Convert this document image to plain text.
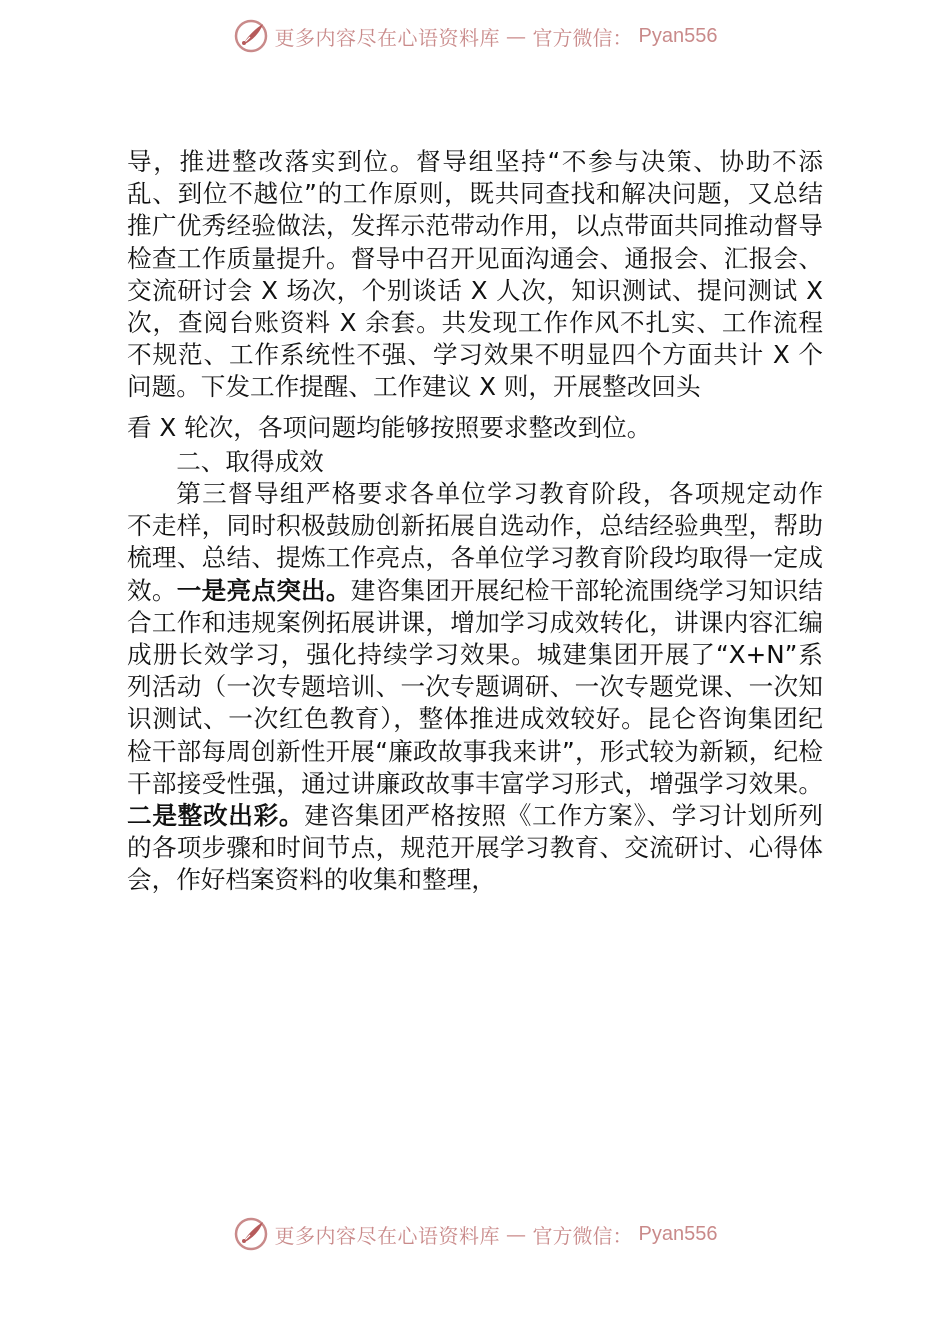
更多内容尽在心语资料库 — 官方微信： Pyan556

导，推进整改落实到位。督导组坚持“不参与决策、协助不添乱、到位不越位”的工作原则，既共同查找和解决问题，又总结推广优秀经验做法，发挥示范带动作用，以点带面共同推动督导检查工作质量提升。督导中召开见面沟通会、通报会、汇报会、交流研讨会 X 场次，个别谈话 X 人次，知识测试、提问测试 X 次，查阅台账资料 X 余套。共发现工作作风不扎实、工作流程不规范、工作系统性不强、学习效果不明显四个方面共计 X 个问题。下发工作提醒、工作建议 X 则，开展整改回头

看 X 轮次，各项问题均能够按照要求整改到位。

二、取得成效

第三督导组严格要求各单位学习教育阶段，各项规定动作 不走样，同时积极鼓励创新拓展自选动作，总结经验典型，帮助梳理、总结、提炼工作亮点，各单位学习教育阶段均取得一定成效。一是亮点突出。建咨集团开展纪检干部轮流围绕学习知识结合工作和违规案例拓展讲课，增加学习成效转化，讲课内容汇编成册长效学习，强化持续学习效果。城建集团开展了“X+N”系列活动（一次专题培训、一次专题调研、一次专题党课、一次知识测试、一次红色教育），整体推进成效较好。昆仑咨询集团纪检干部每周创新性开展“廉政故事我来讲”，形式较为新颖，纪检干部接受性强，通过讲廉政故事丰富学习形式，增强学习效果。二是整改出彩。建咨集团严格按照《工作方案》、学习计划所列的各项步骤和时间节点，规范开展学习教育、交流研讨、心得体会，作好档案资料的收集和整理，

更多内容尽在心语资料库 — 官方微信： Pyan556
